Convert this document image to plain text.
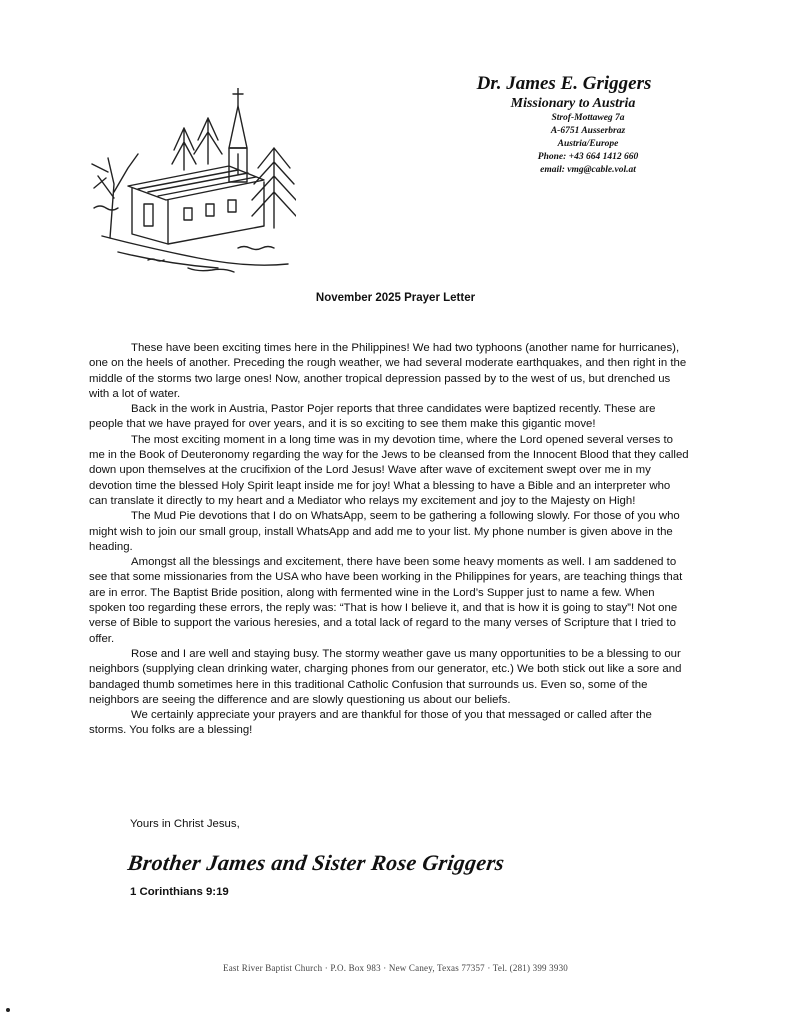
Dr. James E. Griggers
Missionary to Austria
Strof-Mottaweg 7a
A-6751 Ausserbraz
Austria/Europe
Phone: +43 664 1412 660
email: vmg@cable.vol.at
November 2025 Prayer Letter

These have been exciting times here in the Philippines! We had two typhoons (another name for hurricanes), one on the heels of another. Preceding the rough weather, we had several moderate earthquakes, and then right in the middle of the storms two large ones! Now, another tropical depression passed by to the west of us, but drenched us with a lot of water.

Back in the work in Austria, Pastor Pojer reports that three candidates were baptized recently. These are people that we have prayed for over years, and it is so exciting to see them make this gigantic move!

The most exciting moment in a long time was in my devotion time, where the Lord opened several verses to me in the Book of Deuteronomy regarding the way for the Jews to be cleansed from the Innocent Blood that they called down upon themselves at the crucifixion of the Lord Jesus! Wave after wave of excitement swept over me in my devotion time the blessed Holy Spirit leapt inside me for joy! What a blessing to have a Bible and an interpreter who can translate it directly to my heart and a Mediator who relays my excitement and joy to the Majesty on High!

The Mud Pie devotions that I do on WhatsApp, seem to be gathering a following slowly. For those of you who might wish to join our small group, install WhatsApp and add me to your list. My phone number is given above in the heading.

Amongst all the blessings and excitement, there have been some heavy moments as well. I am saddened to see that some missionaries from the USA who have been working in the Philippines for years, are teaching things that are in error. The Baptist Bride position, along with fermented wine in the Lord’s Supper just to name a few. When spoken too regarding these errors, the reply was: “That is how I believe it, and that is how it is going to stay”! Not one verse of Bible to support the various heresies, and a total lack of regard to the many verses of Scripture that I tried to offer.

Rose and I are well and staying busy. The stormy weather gave us many opportunities to be a blessing to our neighbors (supplying clean drinking water, charging phones from our generator, etc.) We both stick out like a sore and bandaged thumb sometimes here in this traditional Catholic Confusion that surrounds us. Even so, some of the neighbors are seeing the difference and are slowly questioning us about our beliefs.

We certainly appreciate your prayers and are thankful for those of you that messaged or called after the storms. You folks are a blessing!

Yours in Christ Jesus,
Brother James and Sister Rose Griggers
1 Corinthians 9:19
East River Baptist Church · P.O. Box 983 · New Caney, Texas 77357 · Tel. (281) 399 3930
